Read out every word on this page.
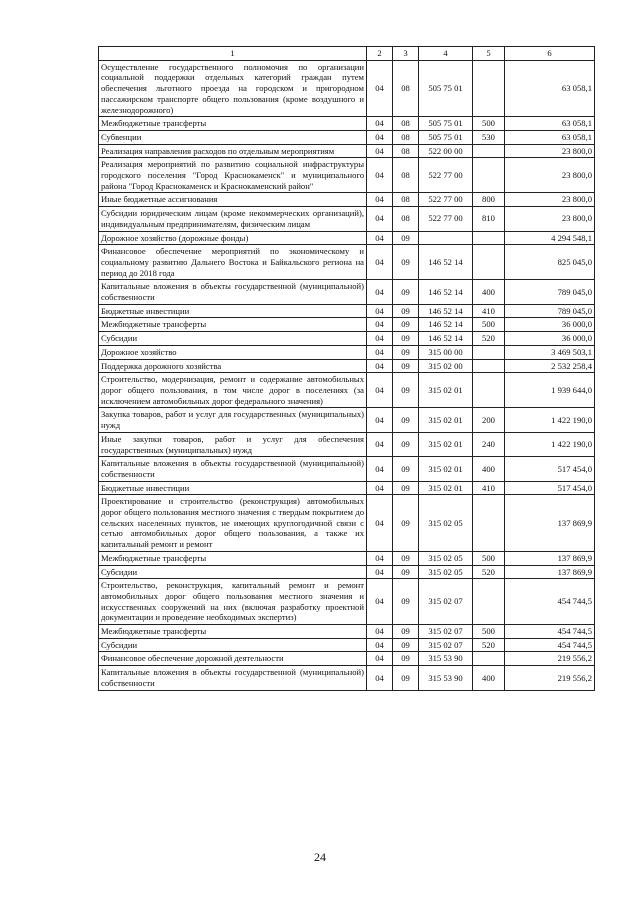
1	2	3	4	5	6
Осуществление государственного полномочия по организации социальной поддержки отдельных категорий граждан путем обеспечения льготного проезда на городском и пригородном пассажирском транспорте общего пользования (кроме воздушного и железнодорожного)	04	08	505 75 01		63 058,1
Межбюджетные трансферты	04	08	505 75 01	500	63 058,1
Субвенции	04	08	505 75 01	530	63 058,1
Реализация направления расходов по отдельным мероприятиям	04	08	522 00 00		23 800,0
Реализация мероприятий по развитию социальной инфраструктуры городского поселения "Город Краснокаменск" и муниципального района "Город Краснокаменск и Краснокаменский район"	04	08	522 77 00		23 800,0
Иные бюджетные ассигнования	04	08	522 77 00	800	23 800,0
Субсидии юридическим лицам (кроме некоммерческих организаций), индивидуальным предпринимателям, физическим лицам	04	08	522 77 00	810	23 800,0
Дорожное хозяйство (дорожные фонды)	04	09			4 294 548,1
Финансовое обеспечение мероприятий по экономическому и социальному развитию Дальнего Востока и Байкальского региона на период до 2018 года	04	09	146 52 14		825 045,0
Капитальные вложения в объекты государственной (муниципальной) собственности	04	09	146 52 14	400	789 045,0
Бюджетные инвестиции	04	09	146 52 14	410	789 045,0
Межбюджетные трансферты	04	09	146 52 14	500	36 000,0
Субсидии	04	09	146 52 14	520	36 000,0
Дорожное хозяйство	04	09	315 00 00		3 469 503,1
Поддержка дорожного хозяйства	04	09	315 02 00		2 532 258,4
Строительство, модернизация, ремонт и содержание автомобильных дорог общего пользования, в том числе дорог в поселениях (за исключением автомобильных дорог федерального значения)	04	09	315 02 01		1 939 644,0
Закупка товаров, работ и услуг для государственных (муниципальных) нужд	04	09	315 02 01	200	1 422 190,0
Иные закупки товаров, работ и услуг для обеспечения государственных (муниципальных) нужд	04	09	315 02 01	240	1 422 190,0
Капитальные вложения в объекты государственной (муниципальной) собственности	04	09	315 02 01	400	517 454,0
Бюджетные инвестиции	04	09	315 02 01	410	517 454,0
Проектирование и строительство (реконструкция) автомобильных дорог общего пользования местного значения с твердым покрытием до сельских населенных пунктов, не имеющих круглогодичной связи с сетью автомобильных дорог общего пользования, а также их капитальный ремонт и ремонт	04	09	315 02 05		137 869,9
Межбюджетные трансферты	04	09	315 02 05	500	137 869,9
Субсидии	04	09	315 02 05	520	137 869,9
Строительство, реконструкция, капитальный ремонт и ремонт автомобильных дорог общего пользования местного значения и искусственных сооружений на них (включая разработку проектной документации и проведение необходимых экспертиз)	04	09	315 02 07		454 744,5
Межбюджетные трансферты	04	09	315 02 07	500	454 744,5
Субсидии	04	09	315 02 07	520	454 744,5
Финансовое обеспечение дорожной деятельности	04	09	315 53 90		219 556,2
Капитальные вложения в объекты государственной (муниципальной) собственности	04	09	315 53 90	400	219 556,2
24
